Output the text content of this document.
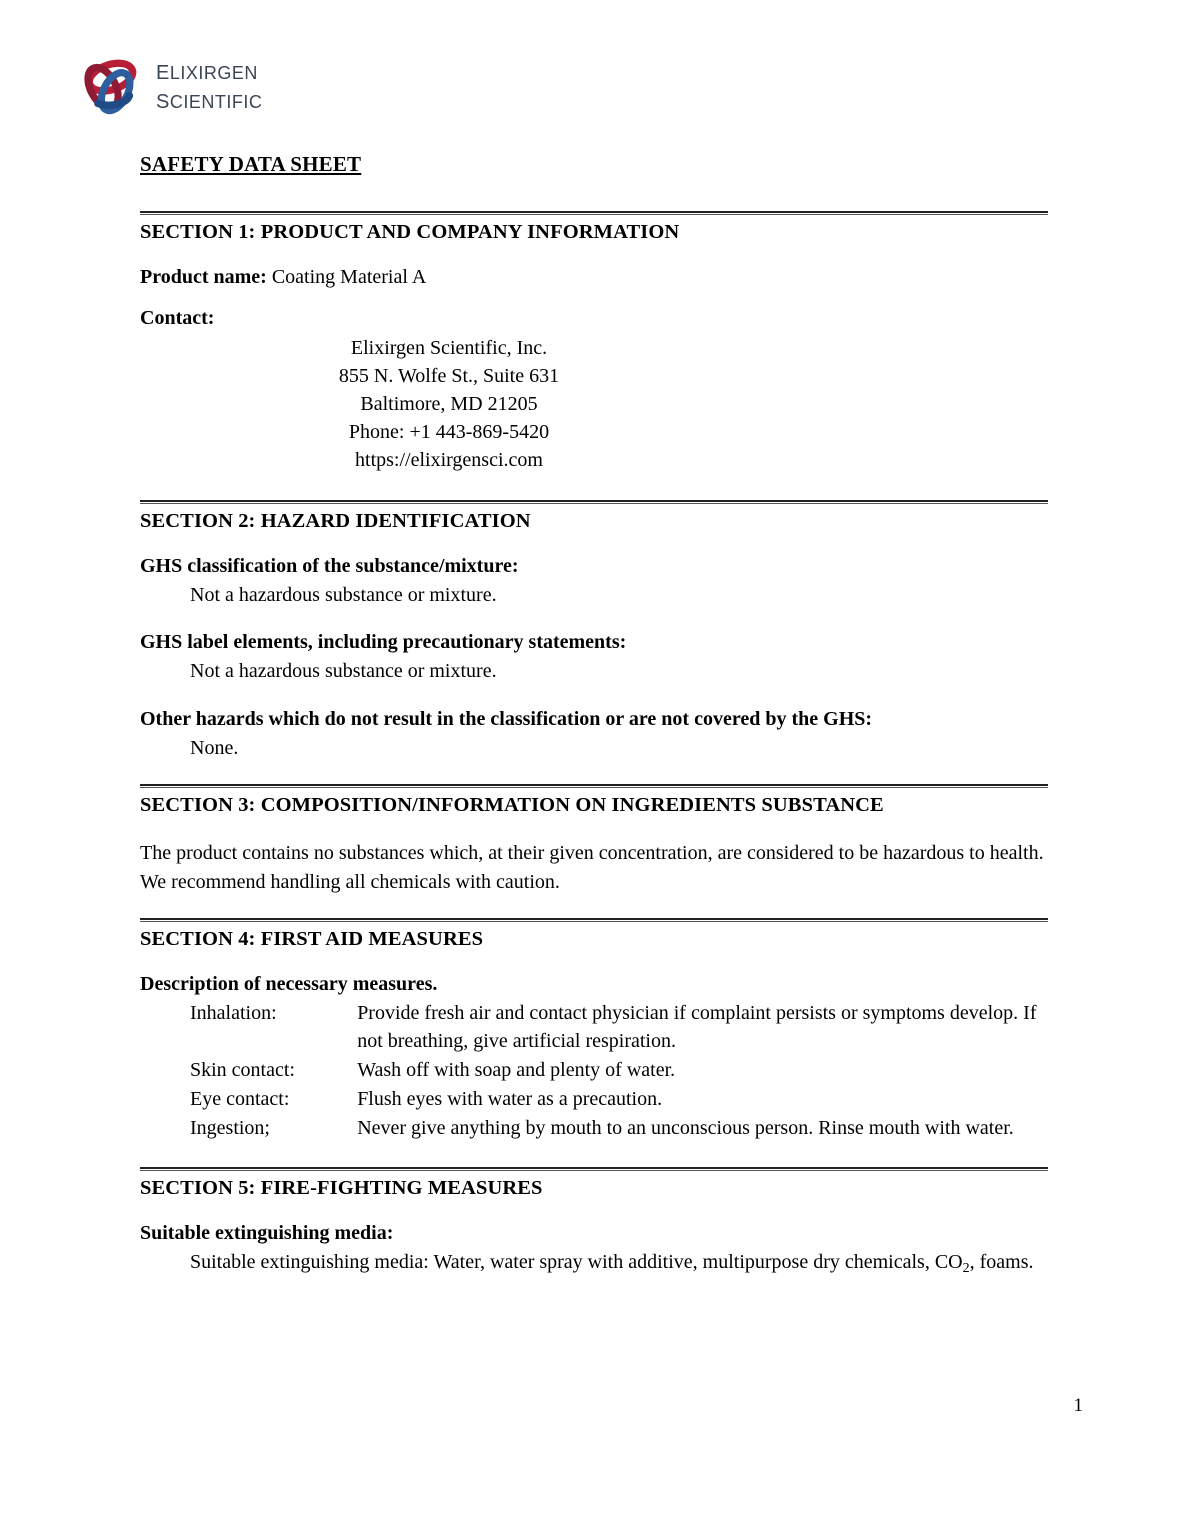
elixirgen
scientific
SAFETY DATA SHEET
SECTION 1: PRODUCT AND COMPANY INFORMATION
Product name: Coating Material A
Contact:
Elixirgen Scientific, Inc.
855 N. Wolfe St., Suite 631
Baltimore, MD 21205
Phone: +1 443-869-5420
https://elixirgensci.com
SECTION 2: HAZARD IDENTIFICATION
GHS classification of the substance/mixture:
Not a hazardous substance or mixture.
GHS label elements, including precautionary statements:
Not a hazardous substance or mixture.
Other hazards which do not result in the classification or are not covered by the GHS:
None.
SECTION 3: COMPOSITION/INFORMATION ON INGREDIENTS SUBSTANCE
The product contains no substances which, at their given concentration, are considered to be hazardous to health. We recommend handling all chemicals with caution.
SECTION 4: FIRST AID MEASURES
Description of necessary measures.
Inhalation:	Provide fresh air and contact physician if complaint persists or symptoms develop. If not breathing, give artificial respiration.
Skin contact:	Wash off with soap and plenty of water.
Eye contact:	Flush eyes with water as a precaution.
Ingestion;	Never give anything by mouth to an unconscious person. Rinse mouth with water.
SECTION 5: FIRE-FIGHTING MEASURES
Suitable extinguishing media:
Suitable extinguishing media: Water, water spray with additive, multipurpose dry chemicals, $CO_2$, foams.
1
